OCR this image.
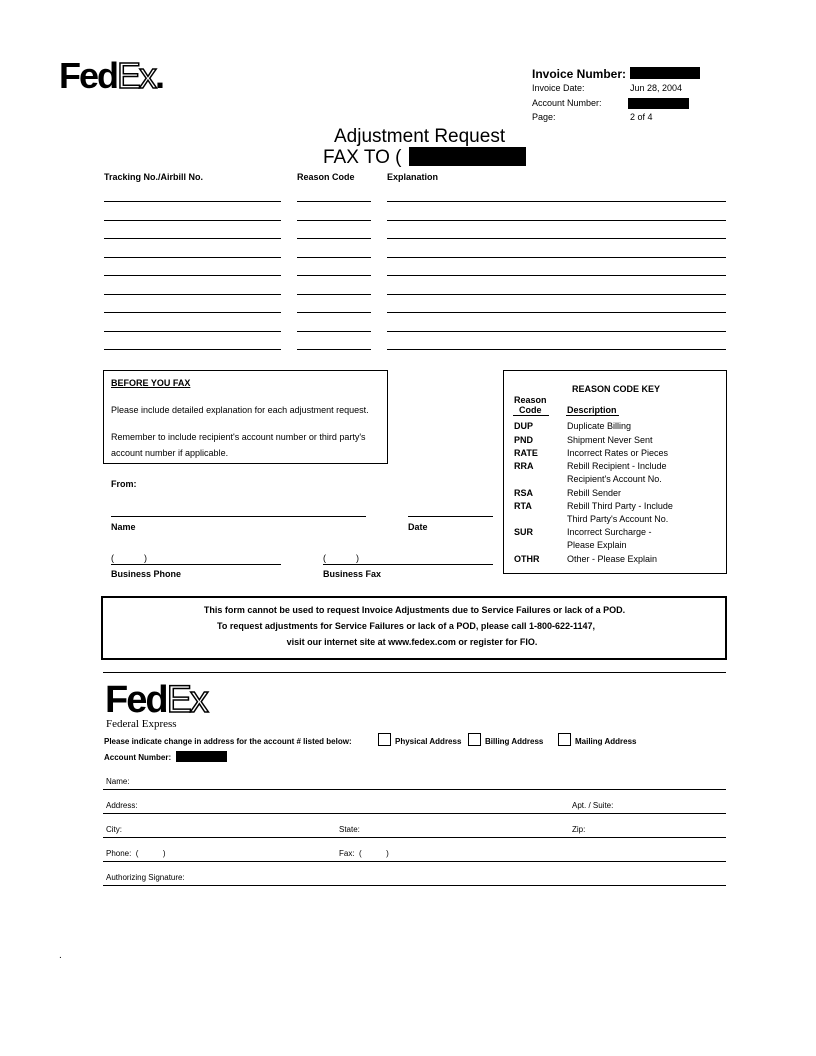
FedEx.	Invoice Number:
Invoice Date:	Jun 28, 2004
Account Number:
Page:	2 of 4
Adjustment Request
FAX TO (
Tracking No./Airbill No.	Reason Code	Explanation
BEFORE YOU FAX
Please include detailed explanation for each adjustment request.
Remember to include recipient's account number or third party's
account number if applicable.
From:
Name	Date
(            )	(            )
Business Phone	Business Fax
REASON CODE KEY
Reason
Code	Description
DUP	Duplicate Billing
PND	Shipment Never Sent
RATE	Incorrect Rates or Pieces
RRA	Rebill Recipient - Include
Recipient's Account No.
RSA	Rebill Sender
RTA	Rebill Third Party - Include
Third Party's Account No.
SUR	Incorrect Surcharge -
Please Explain
OTHR	Other - Please Explain
This form cannot be used to request Invoice Adjustments due to Service Failures or lack of a POD.
To request adjustments for Service Failures or lack of a POD, please call 1-800-622-1147,
visit our internet site at www.fedex.com or register for FIO.
FedEx
Federal Express
Please indicate change in address for the account # listed below:	Physical Address	Billing Address	Mailing Address
Account Number:
Name:
Address:	Apt. / Suite:
City:	State:	Zip:
Phone:  (           )	Fax:  (           )
Authorizing Signature:
.
